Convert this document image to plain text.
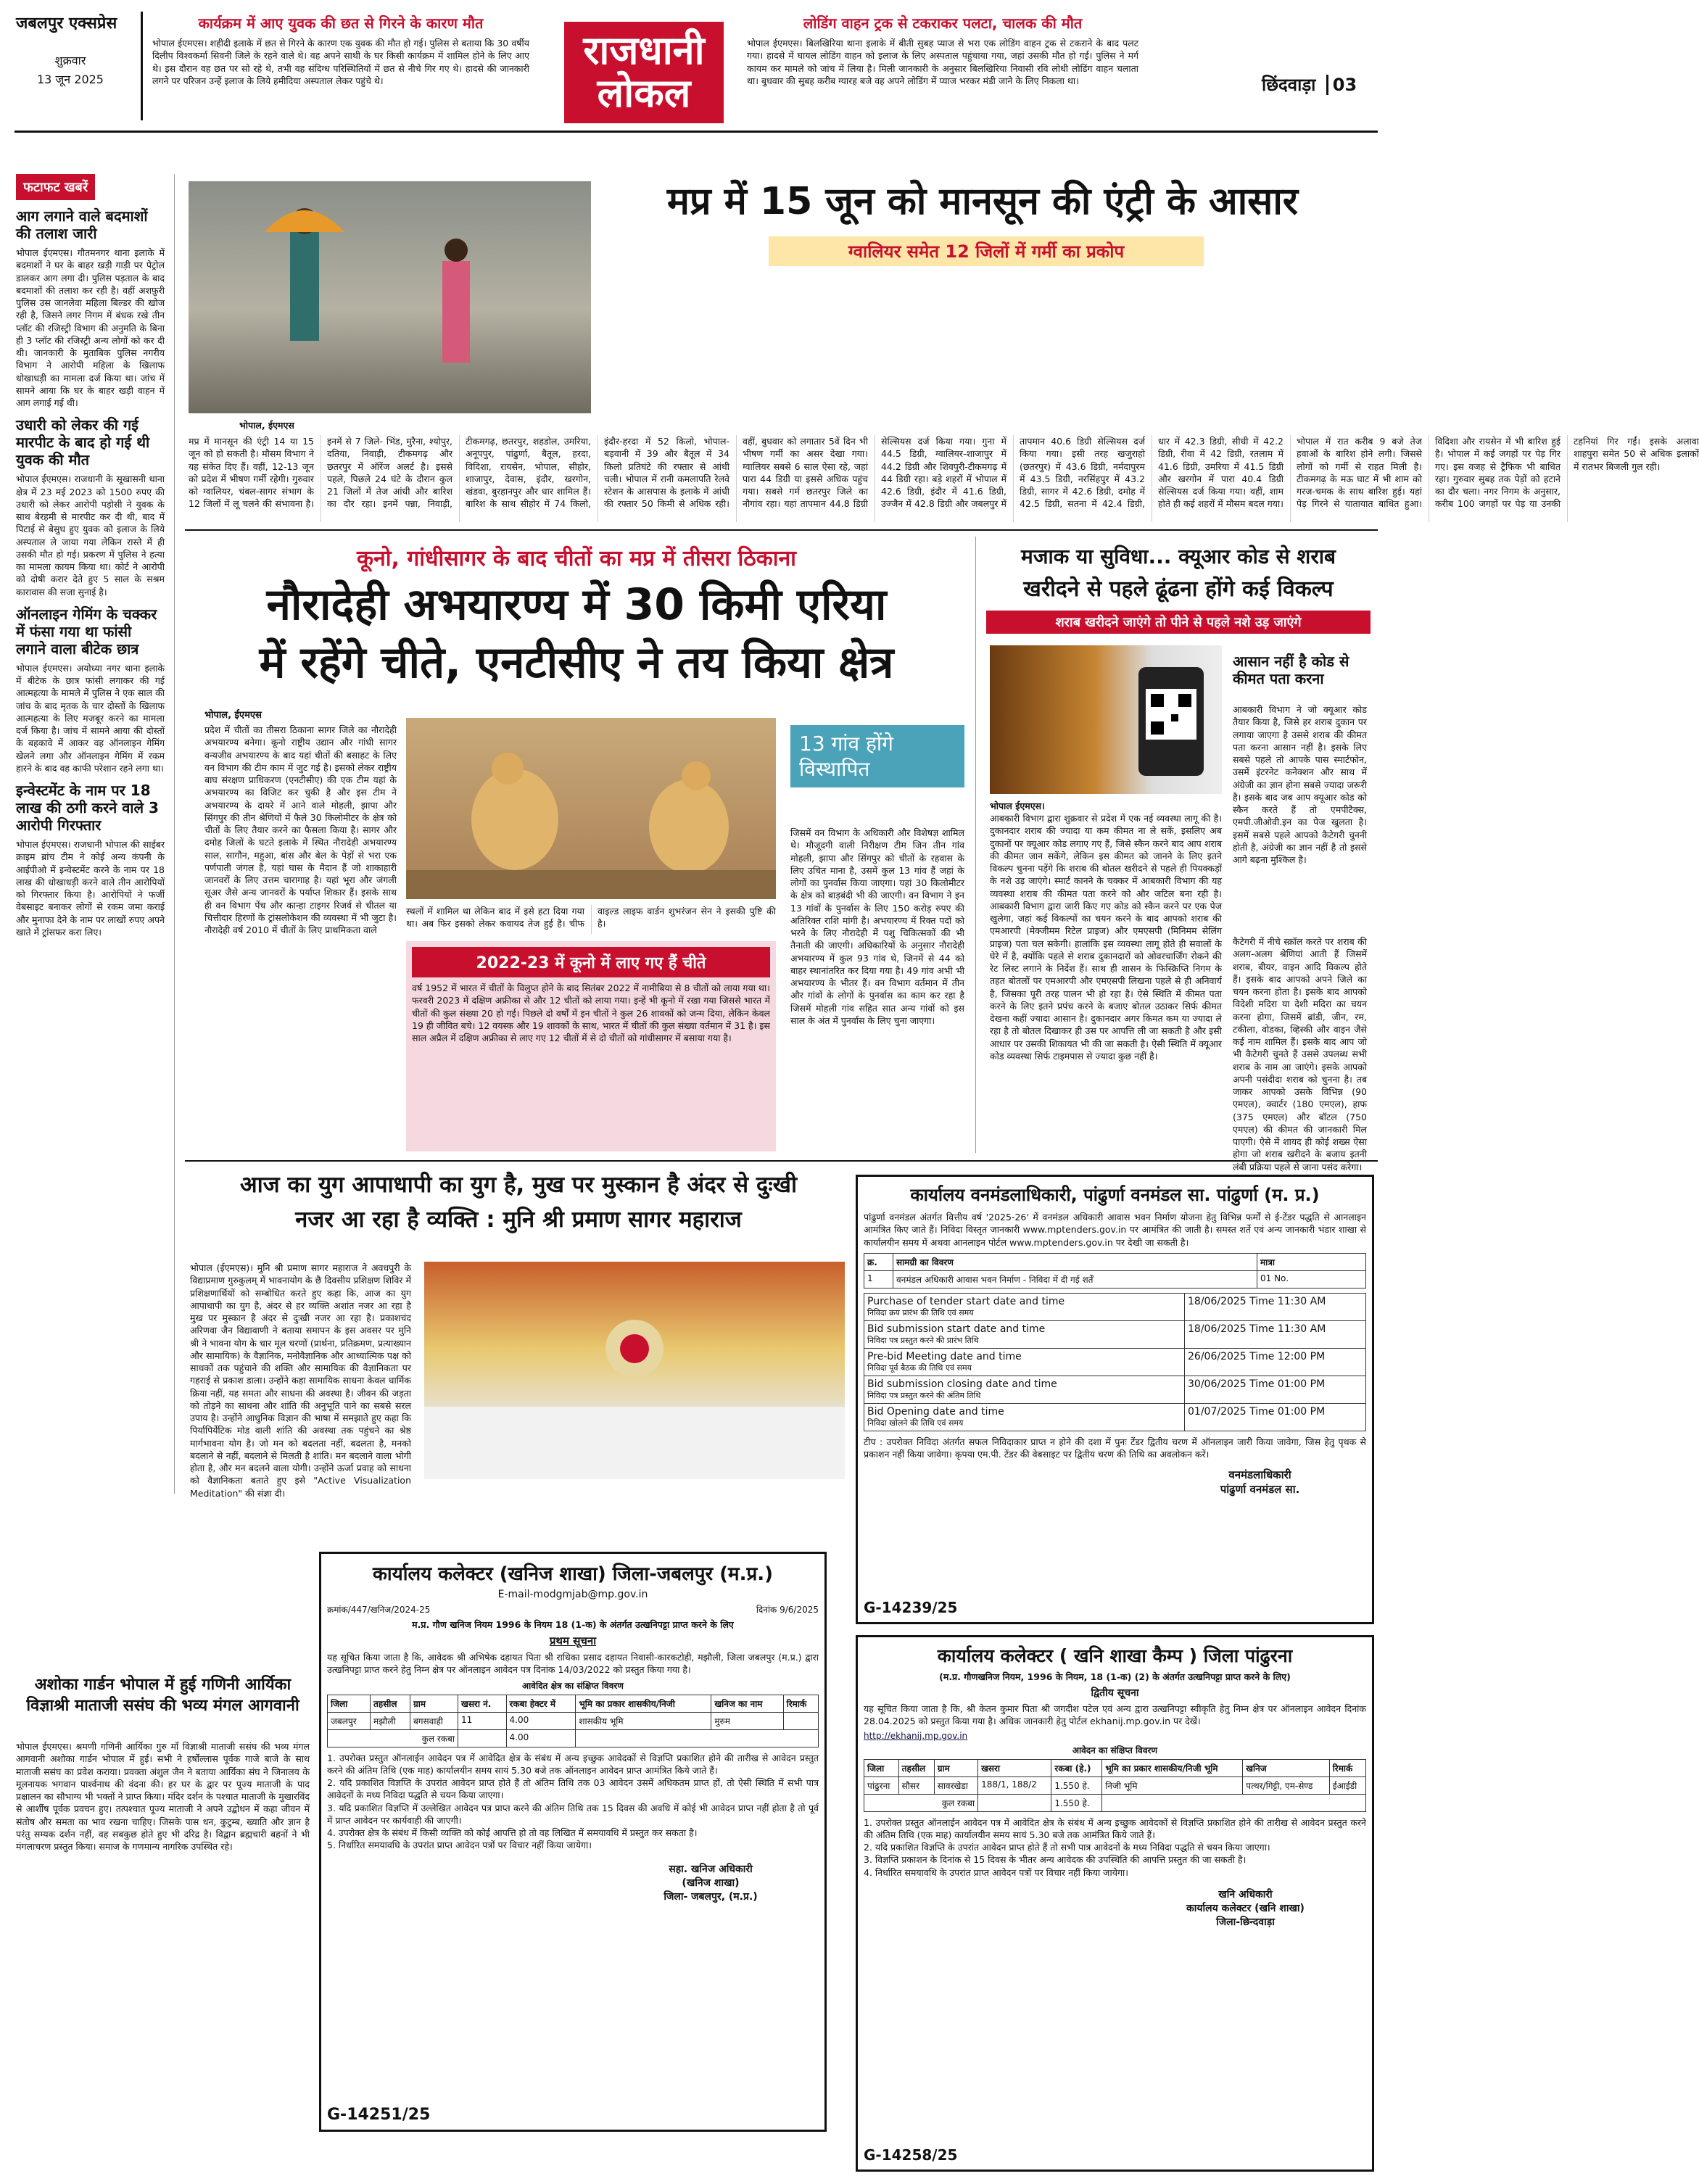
जबलपुर एक्सप्रेस
शुक्रवार
13 जून 2025
कार्यक्रम में आए युवक की छत से गिरने के कारण मौत
भोपाल ईएमएस। शहीदी इलाके में छत से गिरने के कारण एक युवक की मौत हो गई। पुलिस से बताया कि 30 वर्षीय दिलीप विश्वकर्मा सिवनी जिले के रहने वाले थे। वह अपने साथी के घर किसी कार्यक्रम में शामिल होने के लिए आए थे। इस दौरान वह छत पर सो रहे थे, तभी वह संदिग्ध परिस्थितियों में छत से नीचे गिर गए थे। हादसे की जानकारी लगने पर परिजन उन्हें इलाज के लिये हमीदिया अस्पताल लेकर पहुंचे थे।
राजधानी
लोकल
लोडिंग वाहन ट्रक से टकराकर पलटा, चालक की मौत
भोपाल ईएमएस। बिलखिरिया थाना इलाके में बीती सुबह प्याज से भरा एक लोडिंग वाहन ट्रक से टकराने के बाद पलट गया। हादसे में घायल लोडिंग वाहन को इलाज के लिए अस्पताल पहुंचाया गया, जहां उसकी मौत हो गई। पुलिस ने मर्ग कायम कर मामले को जांच में लिया है। मिली जानकारी के अनुसार बिलखिरिया निवासी रवि लोधी लोडिंग वाहन चलाता था। बुधवार की सुबह करीब ग्यारह बजे वह अपने लोडिंग में प्याज भरकर मंडी जाने के लिए निकला था।	छिंदवाड़ा 03
फटाफट खबरें
आग लगाने वाले बदमाशों की तलाश जारी
भोपाल ईएमएस। गौतमनगर थाना इलाके में बदमाशों ने घर के बाहर खड़ी गाड़ी पर पेट्रोल डालकर आग लगा दी। पुलिस पड़ताल के बाद बदमाशों की तलाश कर रही है। वहीं अशफ़ुरी पुलिस उस जानलेवा महिला बिल्डर की खोज रही है, जिसने लगर निगम में बंधक रखे तीन प्लॉट की रजिस्ट्री विभाग की अनुमति के बिना ही 3 प्लॉट की रजिस्ट्री अन्य लोगों को कर दी थी। जानकारी के मुताबिक पुलिस नगरीय विभाग ने आरोपी महिला के खिलाफ धोखाधड़ी का मामला दर्ज किया था। जांच में सामने आया कि घर के बाहर खड़ी वाहन में आग लगाई गई थी।
उधारी को लेकर की गई मारपीट के बाद हो गई थी युवक की मौत
भोपाल ईएमएस। राजधानी के सूखासनी थाना क्षेत्र में 23 मई 2023 को 1500 रुपए की उधारी को लेकर आरोपी पड़ोसी ने युवक के साथ बेरहमी से मारपीट कर दी थी, बाद में पिटाई से बेसुध हुए युवक को इलाज के लिये अस्पताल ले जाया गया लेकिन रास्ते में ही उसकी मौत हो गई। प्रकरण में पुलिस ने हत्या का मामला कायम किया था। कोर्ट ने आरोपी को दोषी करार देते हुए 5 साल के सश्रम कारावास की सजा सुनाई है।
ऑनलाइन गेमिंग के चक्कर में फंसा गया था फांसी लगाने वाला बीटेक छात्र
भोपाल ईएमएस। अयोध्या नगर थाना इलाके में बीटेक के छात्र फांसी लगाकर की गई आत्महत्या के मामले में पुलिस ने एक साल की जांच के बाद मृतक के चार दोस्तों के खिलाफ आत्महत्या के लिए मजबूर करने का मामला दर्ज किया है। जांच में सामने आया की दोस्तों के बहकावे में आकर वह ऑनलाइन गेमिंग खेलने लगा और ऑनलाइन गेमिंग में रकम हारने के बाद वह काफी परेशान रहने लगा था।
इन्वेस्टमेंट के नाम पर 18 लाख की ठगी करने वाले 3 आरोपी गिरफ्तार
भोपाल ईएमएस। राजधानी भोपाल की साईबर क्राइम ब्रांच टीम ने कोई अन्य कंपनी के आईपीओ में इन्वेस्टमेंट करने के नाम पर 18 लाख की धोखाधड़ी करने वाले तीन आरोपियों को गिरफ्तार किया है। आरोपियों ने फर्जी वेबसाइट बनाकर लोगों से रकम जमा कराई और मुनाफा देने के नाम पर लाखों रुपए अपने खाते में ट्रांसफर करा लिए।
मप्र में 15 जून को मानसून की एंट्री के आसार
ग्वालियर समेत 12 जिलों में गर्मी का प्रकोप
भोपाल, ईएमएस
मप्र में मानसून की एंट्री 14 या 15 जून को हो सकती है। मौसम विभाग ने यह संकेत दिए हैं। वहीं, 12-13 जून को प्रदेश में भीषण गर्मी रहेगी। गुरुवार को ग्वालियर, चंबल-सागर संभाग के 12 जिलों में लू चलने की संभावना है। इनमें से 7 जिले- भिंड, मुरैना, श्योपुर, दतिया, निवाड़ी, टीकमगढ़ और छतरपुर में ऑरेंज अलर्ट है। इससे पहले, पिछले 24 घंटे के दौरान कुल 21 जिलों में तेज आंधी और बारिश का दौर रहा। इनमें पन्ना, निवाड़ी, टीकमगढ़, छतरपुर, शहडोल, उमरिया, अनूपपुर, पांढुर्णा, बैतूल, हरदा, विदिशा, रायसेन, भोपाल, सीहोर, शाजापुर, देवास, इंदौर, खरगोन, खंडवा, बुरहानपुर और धार शामिल हैं। बारिश के साथ सीहोर में 74 किलो, इंदौर-हरदा में 52 किलो, भोपाल-बड़वानी में 39 और बैतूल में 34 किलो प्रतिघंटे की रफ्तार से आंधी चली। भोपाल में रानी कमलापति रेलवे स्टेशन के आसपास के इलाके में आंधी की रफ्तार 50 किमी से अधिक रही। वहीं, बुधवार को लगातार 5वें दिन भी भीषण गर्मी का असर देखा गया। ग्वालियर सबसे 6 साल ऐसा रहे, जहां पारा 44 डिग्री या इससे अधिक पहुंच गया। सबसे गर्म छतरपुर जिले का नौगांव रहा। यहां तापमान 44.8 डिग्री सेल्सियस दर्ज किया गया। गुना में 44.5 डिग्री, ग्वालियर-शाजापुर में 44.2 डिग्री और शिवपुरी-टीकमगढ़ में 44 डिग्री रहा। बड़े शहरों में भोपाल में 42.6 डिग्री, इंदौर में 41.6 डिग्री, उज्जैन में 42.8 डिग्री और जबलपुर में तापमान 40.6 डिग्री सेल्सियस दर्ज किया गया। इसी तरह खजुराहो (छतरपुर) में 43.6 डिग्री, नर्मदापुरम में 43.5 डिग्री, नरसिंहपुर में 43.2 डिग्री, सागर में 42.6 डिग्री, दमोह में 42.5 डिग्री, सतना में 42.4 डिग्री, धार में 42.3 डिग्री, सीधी में 42.2 डिग्री, रीवा में 42 डिग्री, रतलाम में 41.6 डिग्री, उमरिया में 41.5 डिग्री और खरगोन में पारा 40.4 डिग्री सेल्सियस दर्ज किया गया। वहीं, शाम होते ही कई शहरों में मौसम बदल गया। भोपाल में रात करीब 9 बजे तेज हवाओं के बारिश होने लगी। जिससे लोगों को गर्मी से राहत मिली है। टीकमगढ़ के मऊ घाट में भी शाम को गरज-चमक के साथ बारिश हुई। यहां पेड़ गिरने से यातायात बाधित हुआ। विदिशा और रायसेन में भी बारिश हुई है। भोपाल में कई जगहों पर पेड़ गिर गए। इस वजह से ट्रैफिक भी बाधित रहा। गुरुवार सुबह तक पेड़ों को हटाने का दौर चला। नगर निगम के अनुसार, करीब 100 जगहों पर पेड़ या उनकी टहनियां गिर गईं। इसके अलावा शाहपुरा समेत 50 से अधिक इलाकों में रातभर बिजली गुल रही।
कूनो, गांधीसागर के बाद चीतों का मप्र में तीसरा ठिकाना
नौरादेही अभयारण्य में 30 किमी एरिया
में रहेंगे चीते, एनटीसीए ने तय किया क्षेत्र
भोपाल, ईएमएस
प्रदेश में चीतों का तीसरा ठिकाना सागर जिले का नौरादेही अभयारण्य बनेगा। कूनो राष्ट्रीय उद्यान और गांधी सागर वन्यजीव अभयारण्य के बाद यहां चीतों की बसाहट के लिए वन विभाग की टीम काम में जुट गई है। इसको लेकर राष्ट्रीय बाघ संरक्षण प्राधिकरण (एनटीसीए) की एक टीम यहां के अभयारण्य का विजिट कर चुकी है और इस टीम ने अभयारण्य के दायरे में आने वाले मोहली, झापा और सिंगपुर की तीन श्रेणियों में फैले 30 किलोमीटर के क्षेत्र को चीतों के लिए तैयार करने का फैसला किया है। सागर और दमोह जिलों के घटते इलाके में स्थित नौरादेही अभयारण्य साल, सागौन, महुआ, बांस और बेल के पेड़ों से भरा एक पर्णपाती जंगल है, यहां घास के मैदान हैं जो शाकाहारी जानवरों के लिए उत्तम चारागाह है। यहां भूरा और जंगली सूअर जैसे अन्य जानवरों के पर्याप्त शिकार हैं। इसके साथ ही वन विभाग पेंच और कान्हा टाइगर रिजर्व से चीतल या चित्तीदार हिरणों के ट्रांसलोकेशन की व्यवस्था में भी जुटा है। नौरादेही वर्ष 2010 में चीतों के लिए प्राथमिकता वाले
13 गांव होंगे विस्थापित
स्थलों में शामिल था लेकिन बाद में इसे हटा दिया गया था। अब फिर इसको लेकर कवायद तेज हुई है। चीफ वाइल्ड लाइफ वार्डन शुभरंजन सेन ने इसकी पुष्टि की है।
2022-23 में कूनो में लाए गए हैं चीते
वर्ष 1952 में भारत में चीतों के विलुप्त होने के बाद सितंबर 2022 में नामीबिया से 8 चीतों को लाया गया था। फरवरी 2023 में दक्षिण अफ्रीका से और 12 चीतों को लाया गया। इन्हें भी कूनो में रखा गया जिससे भारत में चीतों की कुल संख्या 20 हो गई। पिछले दो वर्षों में इन चीतों ने कुल 26 शावकों को जन्म दिया, लेकिन केवल 19 ही जीवित बचे। 12 वयस्क और 19 शावकों के साथ, भारत में चीतों की कुल संख्या वर्तमान में 31 है। इस साल अप्रैल में दक्षिण अफ्रीका से लाए गए 12 चीतों में से दो चीतों को गांधीसागर में बसाया गया है।
जिसमें वन विभाग के अधिकारी और विशेषज्ञ शामिल थे। मौजूदगी वाली निरीक्षण टीम जिन तीन गांव मोहली, झापा और सिंगपुर को चीतों के रहवास के लिए उचित माना है, उसमें कुल 13 गांव हैं जहां के लोगों का पुनर्वास किया जाएगा। यहां 30 किलोमीटर के क्षेत्र को बाड़बंदी भी की जाएगी। वन विभाग ने इन 13 गांवों के पुनर्वास के लिए 150 करोड़ रुपए की अतिरिक्त राशि मांगी है। अभयारण्य में रिक्त पदों को भरने के लिए नौरादेही में पशु चिकित्सकों की भी तैनाती की जाएगी। अधिकारियों के अनुसार नौरादेही अभयारण्य में कुल 93 गांव थे, जिनमें से 44 को बाहर स्थानांतरित कर दिया गया है। 49 गांव अभी भी अभयारण्य के भीतर हैं। वन विभाग वर्तमान में तीन और गांवों के लोगों के पुनर्वास का काम कर रहा है जिसमें मोहली गांव सहित सात अन्य गांवों को इस साल के अंत में पुनर्वास के लिए चुना जाएगा।
मजाक या सुविधा... क्यूआर कोड से शराब
खरीदने से पहले ढूंढना होंगे कई विकल्प
शराब खरीदने जाएंगे तो पीने से पहले नशे उड़ जाएंगे
आसान नहीं है कोड से कीमत पता करना
आबकारी विभाग ने जो क्यूआर कोड तैयार किया है, जिसे हर शराब दुकान पर लगाया जाएगा है उससे शराब की कीमत पता करना आसान नहीं है। इसके लिए सबसे पहले तो आपके पास स्मार्टफोन, उसमें इंटरनेट कनेक्शन और साथ में अंग्रेजी का ज्ञान होना सबसे ज्यादा जरूरी है। इसके बाद जब आप क्यूआर कोड को स्कैन करते हैं तो एमपीटैक्स, एमपी.जीओवी.इन का पेज खुलता है। इसमें सबसे पहले आपको कैटेगरी चुननी होती है, अंग्रेजी का ज्ञान नहीं है तो इससे आगे बढ़ना मुश्किल है।
कैटेगरी में नीचे स्क्रॉल करते पर शराब की अलग-अलग श्रेणियां आती हैं जिसमें शराब, बीयर, वाइन आदि विकल्प होते हैं। इसके बाद आपको अपने जिले का चयन करना होता है। इसके बाद आपको विदेशी मदिरा या देशी मदिरा का चयन करना होगा, जिसमें ब्रांडी, जीन, रम, टकीला, वोडका, व्हिस्की और वाइन जैसे कई नाम शामिल हैं। इसके बाद आप जो भी कैटेगरी चुनते हैं उससे उपलब्ध सभी शराब के नाम आ जाएंगे। इसके आपको अपनी पसंदीदा शराब को चुनना है। तब जाकर आपको उसके विभिन्न (90 एमएल), क्वार्टर (180 एमएल), हाफ (375 एमएल) और बॉटल (750 एमएल) की कीमत की जानकारी मिल पाएगी। ऐसे में शायद ही कोई शख्स ऐसा होगा जो शराब खरीदने के बजाय इतनी लंबी प्रक्रिया पहले से जाना पसंद करेगा।
भोपाल ईएमएस।
आबकारी विभाग द्वारा शुक्रवार से प्रदेश में एक नई व्यवस्था लागू की है। दुकानदार शराब की ज्यादा या कम कीमत ना ले सकें, इसलिए अब दुकानों पर क्यूआर कोड लगाए गए हैं, जिसे स्कैन करने बाद आप शराब की कीमत जान सकेंगे, लेकिन इस कीमत को जानने के लिए इतने विकल्प चुनना पड़ेंगे कि शराब की बोतल खरीदने से पहले ही पियक्कड़ों के नशे उड़ जाएंगे। स्मार्ट कानने के चक्कर में आबकारी विभाग की यह व्यवस्था शराब की कीमत पता करने को और जटिल बना रही है। आबकारी विभाग द्वारा जारी किए गए कोड को स्कैन करने पर एक पेज खुलेगा, जहां कई विकल्पों का चयन करने के बाद आपको शराब की एमआरपी (मेक्जीमम रिटेल प्राइज) और एमएसपी (मिनिमम सेलिंग प्राइज) पता चल सकेगी। हालांकि इस व्यवस्था लागू होते ही सवालों के घेरे में है, क्योंकि पहले से शराब दुकानदारों को ओवरचार्जिंग रोकने की रेट लिस्ट लगाने के निर्देश हैं। साथ ही शासन के फिस्क्रिप्ति निगम के तहत बोतलों पर एमआरपी और एमएसपी लिखना पहले से ही अनिवार्य है, जिसका पूरी तरह पालन भी हो रहा है। ऐसे स्थिति में कीमत पता करने के लिए इतने प्रपंच करने के बजाए बोतल उठाकर सिर्फ कीमत देखना कहीं ज्यादा आसान है। दुकानदार अगर किमत कम या ज्यादा ले रहा है तो बोतल दिखाकर ही उस पर आपत्ति ली जा सकती है और इसी आधार पर उसकी शिकायत भी की जा सकती है। ऐसी स्थिति में क्यूआर कोड व्यवस्था सिर्फ टाइमपास से ज्यादा कुछ नहीं है।
आज का युग आपाधापी का युग है, मुख पर मुस्कान है अंदर से दुःखी
नजर आ रहा है व्यक्ति : मुनि श्री प्रमाण सागर महाराज
भोपाल (ईएमएस)। मुनि श्री प्रमाण सागर महाराज ने अवधपुरी के विद्याप्रमाण गुरुकुलम् में भावनायोग के छै दिवसीय प्रशिक्षण शिविर में प्रशिक्षणार्थियों को सम्बोधित करते हुए कहा कि, आज का युग आपाधापी का युग है, अंदर से हर व्यक्ति अशांत नजर आ रहा है मुख पर मुस्कान है अंदर से दुःखी नजर आ रहा है। प्रकाशचंद अरिणवा जैन विद्यावाणी ने बताया समापन के इस अवसर पर मुनि श्री ने भावना योग के चार मूल चरणों (प्रार्थना, प्रतिक्रमण, प्रत्याख्यान और सामायिक) के वैज्ञानिक, मनोवैज्ञानिक और आध्यात्मिक पक्ष को साधकों तक पहुंचाने की शक्ति और सामायिक की वैज्ञानिकता पर गहराई से प्रकाश डाला। उन्होंने कहा सामायिक साधना केवल धार्मिक क्रिया नहीं, यह समता और साधना की अवस्था है। जीवन की जड़ता को तोड़ने का साधना और शांति की अनुभूति पाने का सबसे सरल उपाय है। उन्होंने आधुनिक विज्ञान की भाषा में समझाते हुए कहा कि पिर्यापिर्येटिक मोड वाली शांति की अवस्था तक पहुंचने का श्रेष्ठ मार्गभावना योग है। जो मन को बदलता नहीं, बदलता है, मनको बदलाने से नहीं, बदलाने से मिलती है शांति। मन बदलाने वाला भोगी होता है, और मन बदलने वाला योगी। उन्होंने ऊर्जा प्रवाह को साधना को वैज्ञानिकता बताते हुए इसे "Active Visualization Meditation" की संज्ञा दी।
कार्यालय कलेक्टर (खनिज शाखा) जिला-जबलपुर (म.प्र.)
E-mail-modgmjab@mp.gov.in
क्रमांक/447/खनिज/2024-25	दिनांक 9/6/2025
म.प्र. गौण खनिज नियम 1996 के नियम 18 (1-क) के अंतर्गत उत्खनिपट्टा प्राप्त करने के लिए
प्रथम सूचना
यह सूचित किया जाता है कि, आवेदक श्री अभिषेक दहायत पिता श्री राधिका प्रसाद दहायत निवासी-कारकटोही, मझौली, जिला जबलपुर (म.प्र.) द्वारा उत्खनिपट्टा प्राप्त करने हेतु निम्न क्षेत्र पर ऑनलाइन आवेदन पत्र दिनांक 14/03/2022 को प्रस्तुत किया गया है।
आवेदित क्षेत्र का संक्षिप्त विवरण
जिला	तहसील	ग्राम	खसरा नं.	रकबा हेक्टर में	भूमि का प्रकार शासकीय/निजी	खनिज का नाम	रिमार्क
जबलपुर	मझौली	बगसवाही	11	4.00	शासकीय भूमि	मुरुम	
कुल रकबा				4.00			
1. उपरोक्त प्रस्तुत ऑनलाईन आवेदन पत्र में आवेदित क्षेत्र के संबंध में अन्य इच्छुक आवेदकों से विज्ञप्ति प्रकाशित होने की तारीख से आवेदन प्रस्तुत करने की अंतिम तिथि (एक माह) कार्यालयीन समय सायं 5.30 बजे तक ऑनलाइन आवेदन प्राप्त आमंत्रित किये जाते हैं।
2. यदि प्रकाशित विज्ञप्ति के उपरांत आवेदन प्राप्त होते हैं तो अंतिम तिथि तक 03 आवेदन उसमें अधिकतम प्राप्त हों, तो ऐसी स्थिति में सभी पात्र आवेदनों के मध्य निविदा पद्धति से चयन किया जाएगा।
3. यदि प्रकाशित विज्ञप्ति में उल्लेखित आवेदन पत्र प्राप्त करने की अंतिम तिथि तक 15 दिवस की अवधि में कोई भी आवेदन प्राप्त नहीं होता है तो पूर्व में प्राप्त आवेदन पर कार्यवाही की जाएगी।
4. उपरोक्त क्षेत्र के संबंध में किसी व्यक्ति को कोई आपत्ति हो तो वह लिखित में समयावधि में प्रस्तुत कर सकता है।
5. निर्धारित समयावधि के उपरांत प्राप्त आवेदन पत्रों पर विचार नहीं किया जायेगा।
सहा. खनिज अधिकारी
(खनिज शाखा)
जिला- जबलपुर, (म.प्र.)
G-14251/25
अशोका गार्डन भोपाल में हुई गणिनी आर्यिका विज्ञाश्री माताजी ससंघ की भव्य मंगल आगवानी
भोपाल ईएमएस। श्रमणी गणिनी आर्यिका गुरु माँ विज्ञाश्री माताजी ससंघ की भव्य मंगल आगवानी अशोका गार्डन भोपाल में हुई। सभी ने हर्षोल्लास पूर्वक गाजे बाजे के साथ माताजी ससंघ का प्रवेश कराया। प्रवक्ता अंशुल जैन ने बताया आर्यिका संघ ने जिनालय के मूलनायक भगवान पार्श्वनाथ की वंदना की। हर घर के द्वार पर पूज्य माताजी के पाद प्रक्षालन का सौभाग्य भी भक्तों ने प्राप्त किया। मंदिर दर्शन के पश्चात माताजी के मुखारविंद से आर्शीष पूर्वक प्रवचन हुए। तत्पश्चात पूज्य माताजी ने अपने उद्बोधन में कहा जीवन में संतोष और समता का भाव रखना चाहिए। जिसके पास धन, कुटुम्ब, ख्याति और ज्ञान है परंतु सम्यक दर्शन नहीं, वह सबकुछ होते हुए भी दरिद्र है। विद्वान ब्रह्मचारी बहनों ने भी मंगलाचरण प्रस्तुत किया। समाज के गणमान्य नागरिक उपस्थित रहे।
कार्यालय वनमंडलाधिकारी, पांढुर्णा वनमंडल सा. पांढुर्णा (म. प्र.)
पांढुर्णा वनमंडल अंतर्गत वित्तीय वर्ष '2025-26' में वनमंडल अधिकारी आवास भवन निर्माण योजना हेतु विभिन्न फर्मों से ई-टेंडर पद्धति से आनलाइन आमंत्रित किए जाते हैं। निविदा विस्तृत जानकारी www.mptenders.gov.in पर आमंत्रित की जाती है। समस्त शर्ते एवं अन्य जानकारी भंडार शाखा से कार्यालयीन समय में अथवा आनलाइन पोर्टल www.mptenders.gov.in पर देखी जा सकती है।
क्र.	सामग्री का विवरण	मात्रा
1	वनमंडल अधिकारी आवास भवन निर्माण - निविदा में दी गई शर्तें	01 No.
Purchase of tender start date and time
निविदा क्रय प्रारंभ की तिथि एवं समय	18/06/2025 Time 11:30 AM

Bid submission start date and time
निविदा पत्र प्रस्तुत करने की प्रारंभ तिथि	18/06/2025 Time 11:30 AM

Pre-bid Meeting date and time
निविदा पूर्व बैठक की तिथि एवं समय	26/06/2025 Time 12:00 PM

Bid submission closing date and time
निविदा पत्र प्रस्तुत करने की अंतिम तिथि	30/06/2025 Time 01:00 PM

Bid Opening date and time
निविदा खोलने की तिथि एवं समय	01/07/2025 Time 01:00 PM
टीप : उपरोक्त निविदा अंतर्गत सफल निविदाकार प्राप्त न होने की दशा में पुनः टेंडर द्वितीय चरण में ऑनलाइन जारी किया जावेगा, जिस हेतु पृथक से प्रकाशन नहीं किया जावेगा। कृपया एम.पी. टेंडर की वेबसाइट पर द्वितीय चरण की तिथि का अवलोकन करें।
वनमंडलाधिकारी
पांढुर्णा वनमंडल सा.
G-14239/25
कार्यालय कलेक्टर ( खनि शाखा कैम्प ) जिला पांढुरना
(म.प्र. गौणखनिज नियम, 1996 के नियम, 18 (1-क) (2) के अंतर्गत उत्खनिपट्टा प्राप्त करने के लिए)
द्वितीय सूचना
यह सूचित किया जाता है कि, श्री केतन कुमार पिता श्री जगदीश पटेल एवं अन्य द्वारा उत्खनिपट्टा स्वीकृति हेतु निम्न क्षेत्र पर ऑनलाइन आवेदन दिनांक 28.04.2025 को प्रस्तुत किया गया है। अधिक जानकारी हेतु पोर्टल ekhanij.mp.gov.in पर देखें।
http://ekhanij.mp.gov.in
आवेदन का संक्षिप्त विवरण
जिला	तहसील	ग्राम	खसरा	रकबा (हे.)	भूमि का प्रकार शासकीय/निजी भूमि	खनिज	रिमार्क
पांढुरना	सौसर	सावरखेडा	188/1, 188/2	1.550 हे.	निजी भूमि	पत्थर/गिट्टी, एम-सेण्ड	ईआईडी
कुल रकबा				1.550 हे.			
1. उपरोक्त प्रस्तुत ऑनलाईन आवेदन पत्र में आवेदित क्षेत्र के संबंध में अन्य इच्छुक आवेदकों से विज्ञप्ति प्रकाशित होने की तारीख से आवेदन प्रस्तुत करने की अंतिम तिथि (एक माह) कार्यालयीन समय सायं 5.30 बजे तक आमंत्रित किये जाते हैं।
2. यदि प्रकाशित विज्ञप्ति के उपरांत आवेदन प्राप्त होते हैं तो सभी पात्र आवेदनों के मध्य निविदा पद्धति से चयन किया जाएगा।
3. विज्ञप्ति प्रकाशन के दिनांक से 15 दिवस के भीतर अन्य आवेदक की उपस्थिति की आपत्ति प्रस्तुत की जा सकती है।
4. निर्धारित समयावधि के उपरांत प्राप्त आवेदन पत्रों पर विचार नहीं किया जायेगा।
खनि अधिकारी
कार्यालय कलेक्टर (खनि शाखा)
जिला-छिन्दवाड़ा
G-14258/25
